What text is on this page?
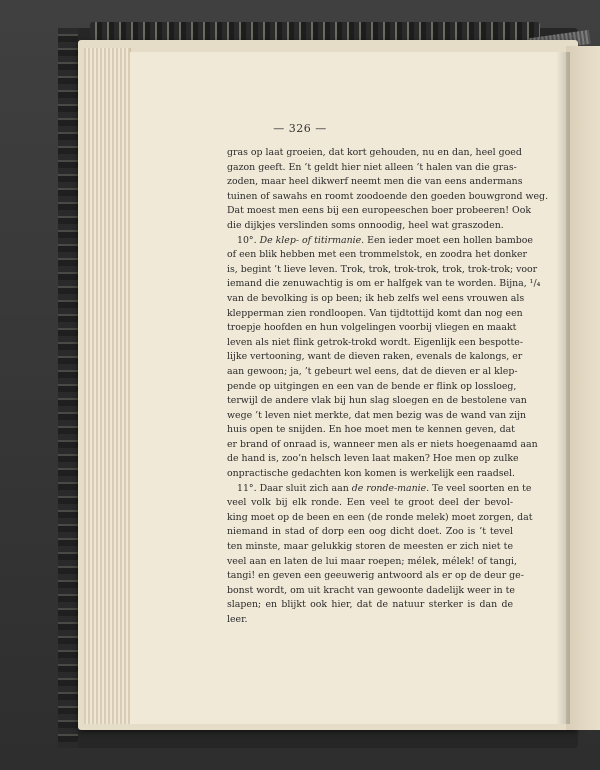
— 326 —
gras op laat groeien, dat kort gehouden, nu en dan, heel goed
gazon geeft. En ’t geldt hier niet alleen ’t halen van die gras-
zoden, maar heel dikwerf neemt men die van eens andermans
tuinen of sawahs en roomt zoodoende den goeden bouwgrond weg.
Dat moest men eens bij een europeeschen boer probeeren! Ook
die dijkjes verslinden soms onnoodig, heel wat graszoden.
10°. De klep- of titirmanie. Een ieder moet een hollen bamboe
of een blik hebben met een trommelstok, en zoodra het donker
is, begint ’t lieve leven. Trok, trok, trok-trok, trok, trok-trok; voor
iemand die zenuwachtig is om er halfgek van te worden. Bijna, ¹/₄
van de bevolking is op been; ik heb zelfs wel eens vrouwen als
klepperman zien rondloopen. Van tijdtottijd komt dan nog een
troepje hoofden en hun volgelingen voorbij vliegen en maakt
leven als niet flink getrok-trokd wordt. Eigenlijk een bespotte-
lijke vertooning, want de dieven raken, evenals de kalongs, er
aan gewoon; ja, ’t gebeurt wel eens, dat de dieven er al klep-
pende op uitgingen en een van de bende er flink op lossloeg,
terwijl de andere vlak bij hun slag sloegen en de bestolene van
wege ’t leven niet merkte, dat men bezig was de wand van zijn
huis open te snijden. En hoe moet men te kennen geven, dat
er brand of onraad is, wanneer men als er niets hoegenaamd aan
de hand is, zoo’n helsch leven laat maken? Hoe men op zulke
onpractische gedachten kon komen is werkelijk een raadsel.
11°. Daar sluit zich aan de ronde-manie. Te veel soorten en te
veel volk bij elk ronde. Een veel te groot deel der bevol-
king moet op de been en een (de ronde melek) moet zorgen, dat
niemand in stad of dorp een oog dicht doet. Zoo is ’t tevel
ten minste, maar gelukkig storen de meesten er zich niet te
veel aan en laten de lui maar roepen; mélek, mélek! of tangi,
tangi! en geven een geeuwerig antwoord als er op de deur ge-
bonst wordt, om uit kracht van gewoonte dadelijk weer in te
slapen; en blijkt ook hier, dat de natuur sterker is dan de
leer.
